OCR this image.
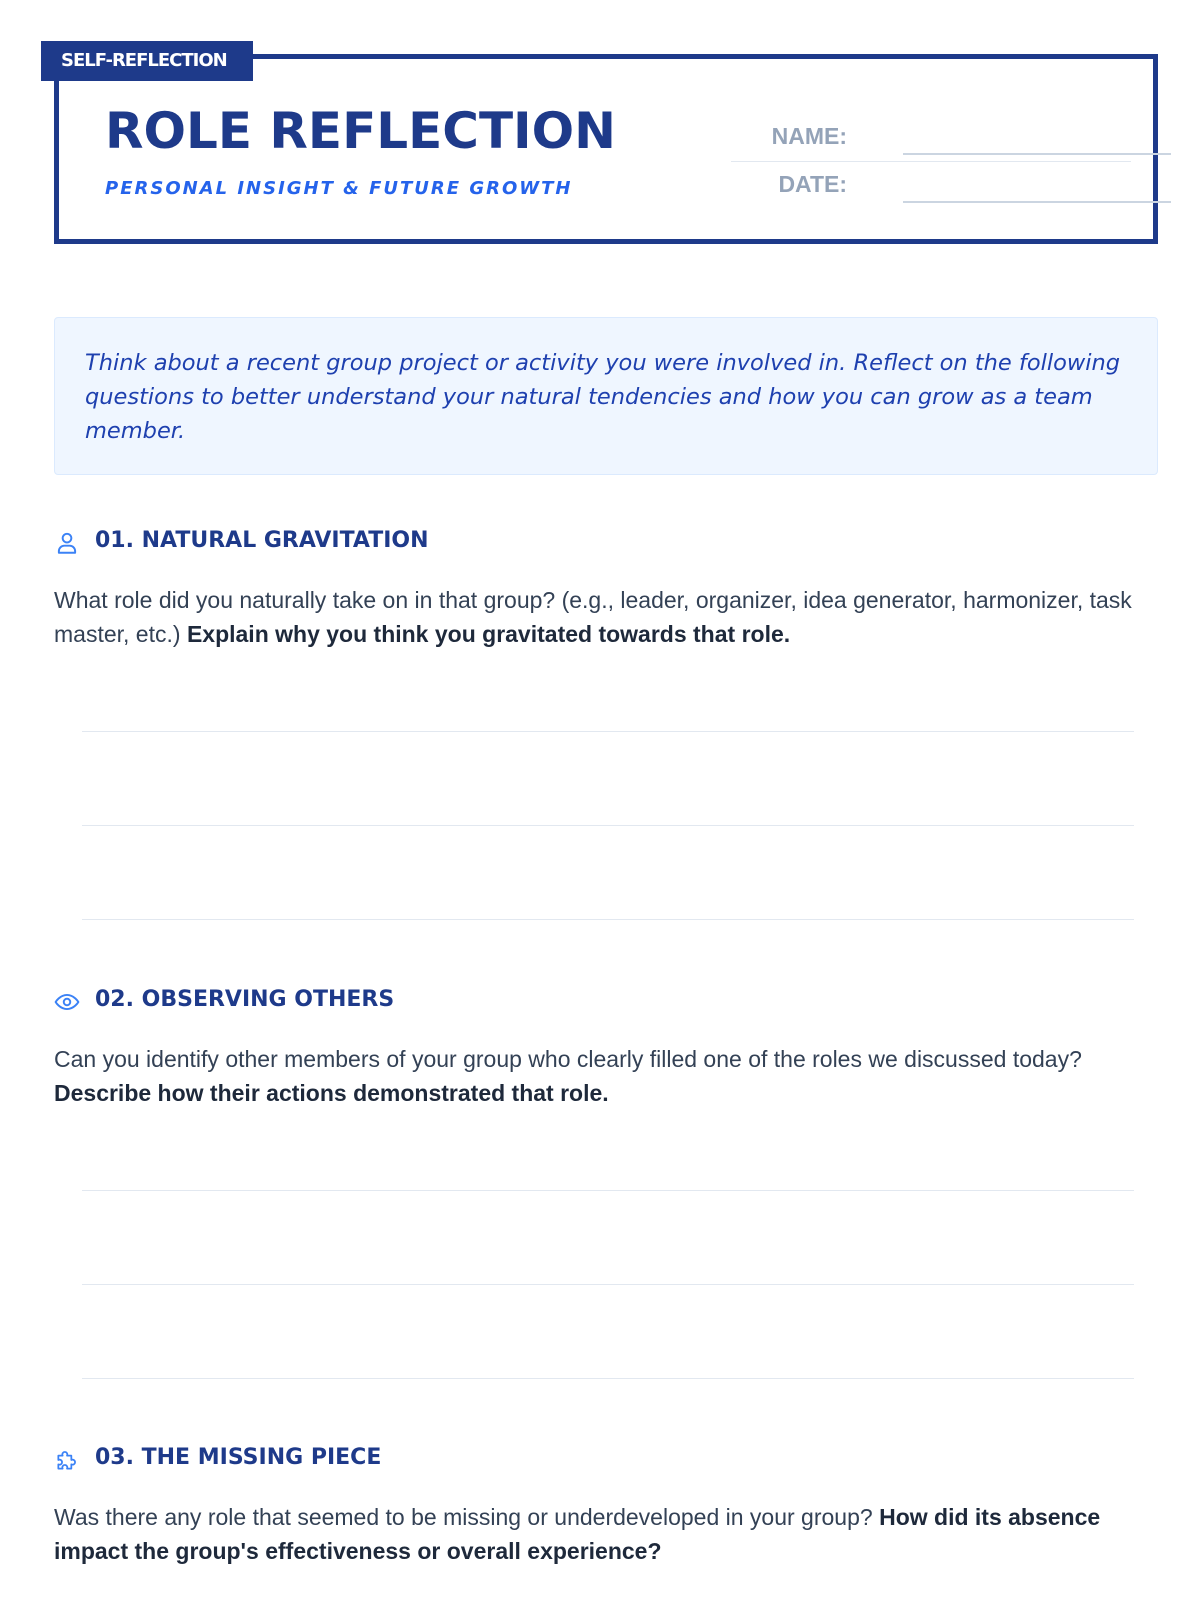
SELF-REFLECTION
ROLE REFLECTION
PERSONAL INSIGHT & FUTURE GROWTH
NAME:
DATE:

Think about a recent group project or activity you were involved in. Reflect on the following questions to better understand your natural tendencies and how you can grow as a team member.

01. NATURAL GRAVITATION

What role did you naturally take on in that group? (e.g., leader, organizer, idea generator, harmonizer, task master, etc.) Explain why you think you gravitated towards that role.

02. OBSERVING OTHERS

Can you identify other members of your group who clearly filled one of the roles we discussed today? Describe how their actions demonstrated that role.

03. THE MISSING PIECE

Was there any role that seemed to be missing or underdeveloped in your group? How did its absence impact the group's effectiveness or overall experience?
